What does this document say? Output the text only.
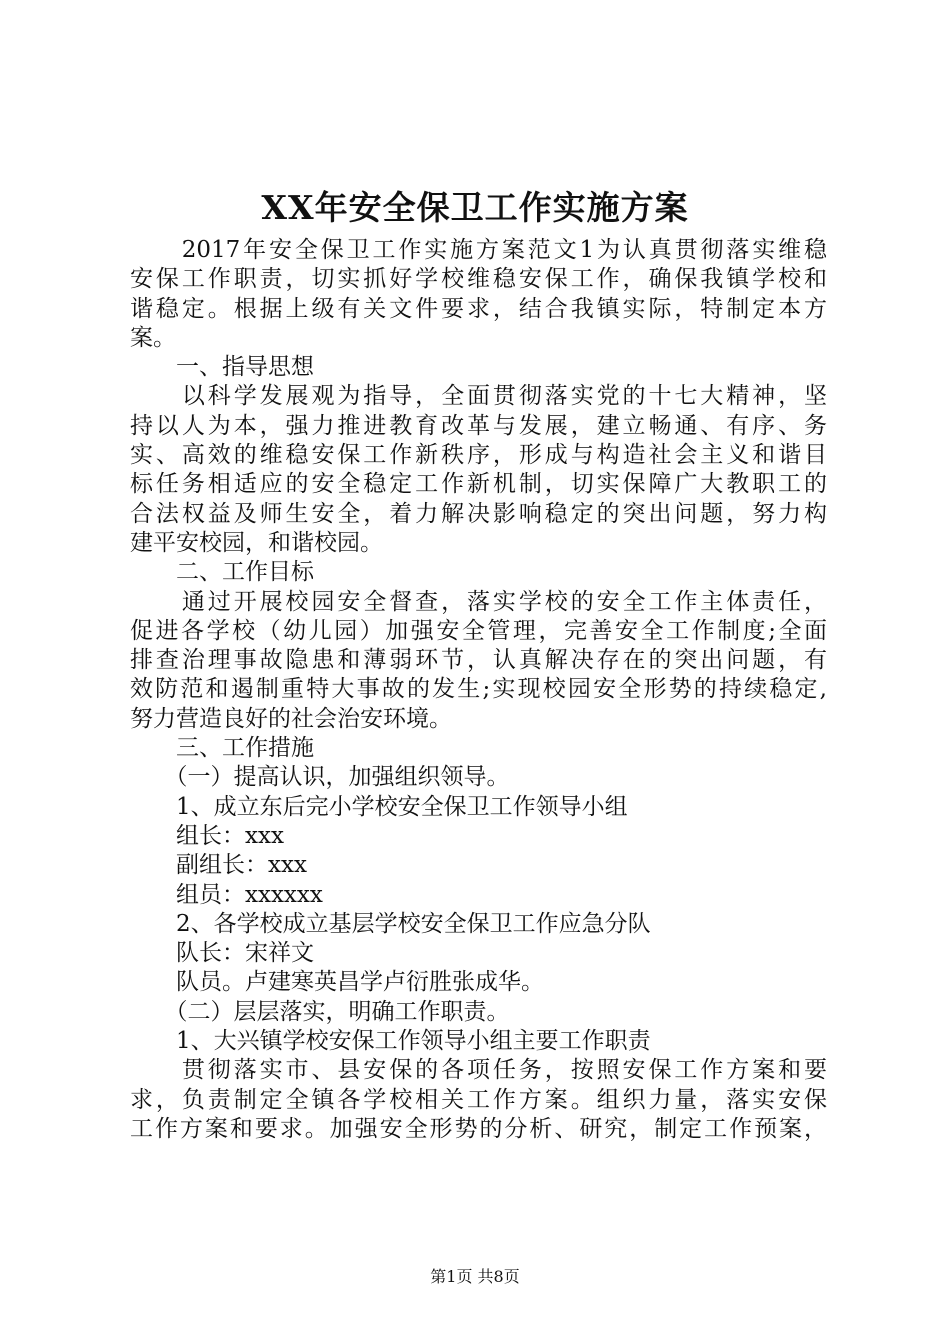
XX年安全保卫工作实施方案
　　2017年安全保卫工作实施方案范文1为认真贯彻落实维稳
安保工作职责，切实抓好学校维稳安保工作，确保我镇学校和
谐稳定。根据上级有关文件要求，结合我镇实际，特制定本方
案。
　　一、指导思想
　　以科学发展观为指导，全面贯彻落实党的十七大精神，坚
持以人为本，强力推进教育改革与发展，建立畅通、有序、务
实、高效的维稳安保工作新秩序，形成与构造社会主义和谐目
标任务相适应的安全稳定工作新机制，切实保障广大教职工的
合法权益及师生安全，着力解决影响稳定的突出问题，努力构
建平安校园，和谐校园。
　　二、工作目标
　　通过开展校园安全督查，落实学校的安全工作主体责任，
促进各学校（幼儿园）加强安全管理，完善安全工作制度;全面
排查治理事故隐患和薄弱环节，认真解决存在的突出问题，有
效防范和遏制重特大事故的发生;实现校园安全形势的持续稳定,
努力营造良好的社会治安环境。
　　三、工作措施
　　（一）提高认识，加强组织领导。
　　1、成立东后完小学校安全保卫工作领导小组
　　组长：xxx
　　副组长：xxx
　　组员：xxxxxx
　　2、各学校成立基层学校安全保卫工作应急分队
　　队长：宋祥文
　　队员。卢建寒英昌学卢衍胜张成华。
　　（二）层层落实，明确工作职责。
　　1、大兴镇学校安保工作领导小组主要工作职责
　　贯彻落实市、县安保的各项任务，按照安保工作方案和要
求，负责制定全镇各学校相关工作方案。组织力量，落实安保
工作方案和要求。加强安全形势的分析、研究，制定工作预案，
第1页 共8页
